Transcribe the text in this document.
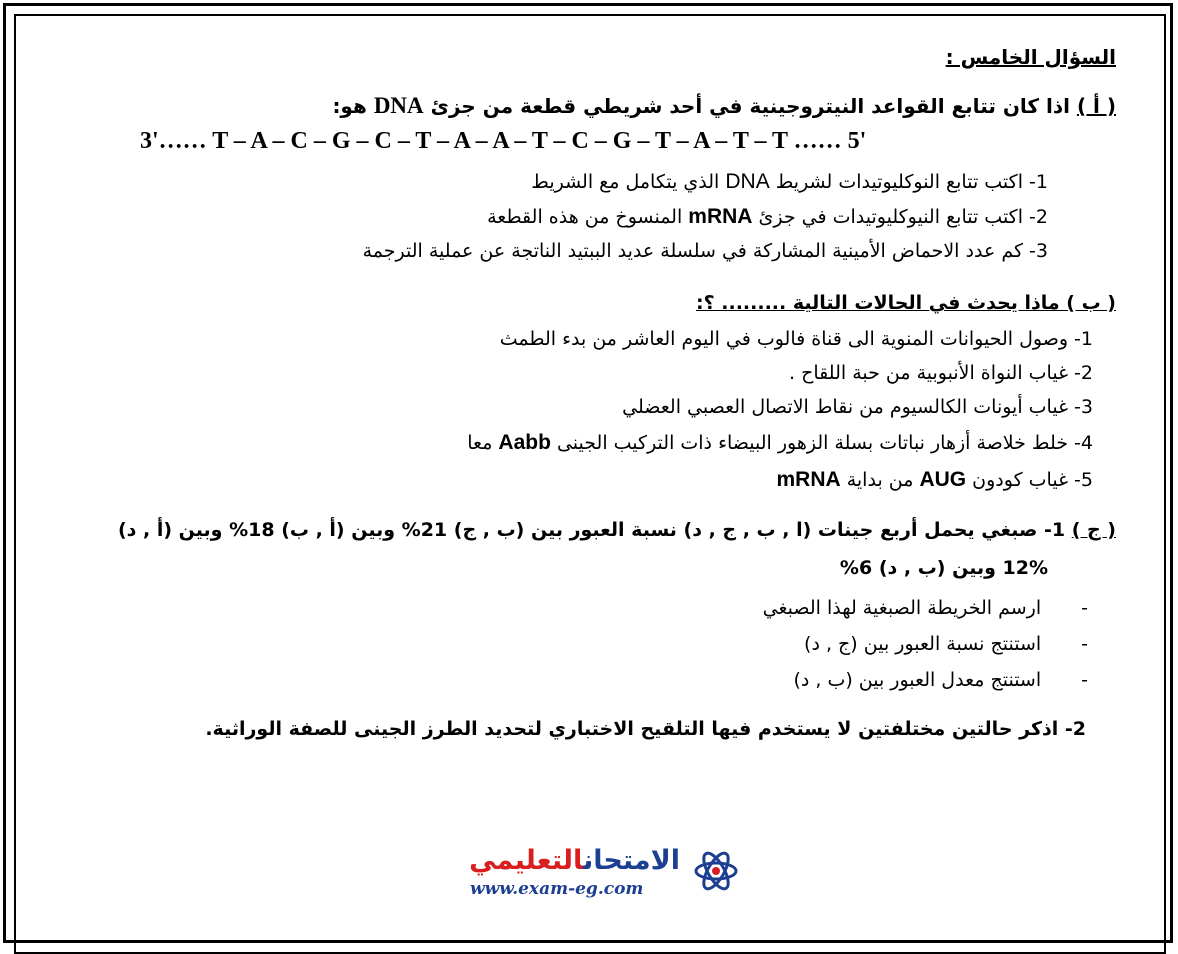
السؤال الخامس :
( أ ) اذا كان تتابع القواعد النيتروجينية في أحد شريطي قطعة من جزئ DNA هو:
3'…… T – A – C – G – C – T – A – A – T – C – G – T – A – T – T …… 5'
1- اكتب تتابع النوكليوتيدات لشريط DNA الذي يتكامل مع الشريط
2- اكتب تتابع النيوكليوتيدات في جزئ mRNA المنسوخ من هذه القطعة
3- كم عدد الاحماض الأمينية المشاركة في سلسلة عديد الببتيد الناتجة عن عملية الترجمة
( ب ) ماذا يحدث في الحالات التالية ......... ؟:
1- وصول الحيوانات المنوية الى قناة فالوب في اليوم العاشر من بدء الطمث
2- غياب النواة الأنبوبية من حبة اللقاح .
3- غياب أيونات الكالسيوم من نقاط الاتصال العصبي العضلي
4- خلط خلاصة أزهار نباتات بسلة الزهور البيضاء ذات التركيب الجينى Aabb معا
5- غياب كودون AUG من بداية mRNA
( ج ) 1- صبغي يحمل أربع جينات (ا , ب , ج , د) نسبة العبور بين (ب , ج) 21% وبين (أ , ب) 18% وبين (أ , د)
12% وبين (ب , د) 6%
-ارسم الخريطة الصبغية لهذا الصبغي
-استنتج نسبة العبور بين (ج , د)
-استنتج معدل العبور بين (ب , د)
2- اذكر حالتين مختلفتين لا يستخدم فيها التلقيح الاختباري لتحديد الطرز الجينى للصفة الوراثية.
الامتحانالتعليمي
www.exam-eg.com
